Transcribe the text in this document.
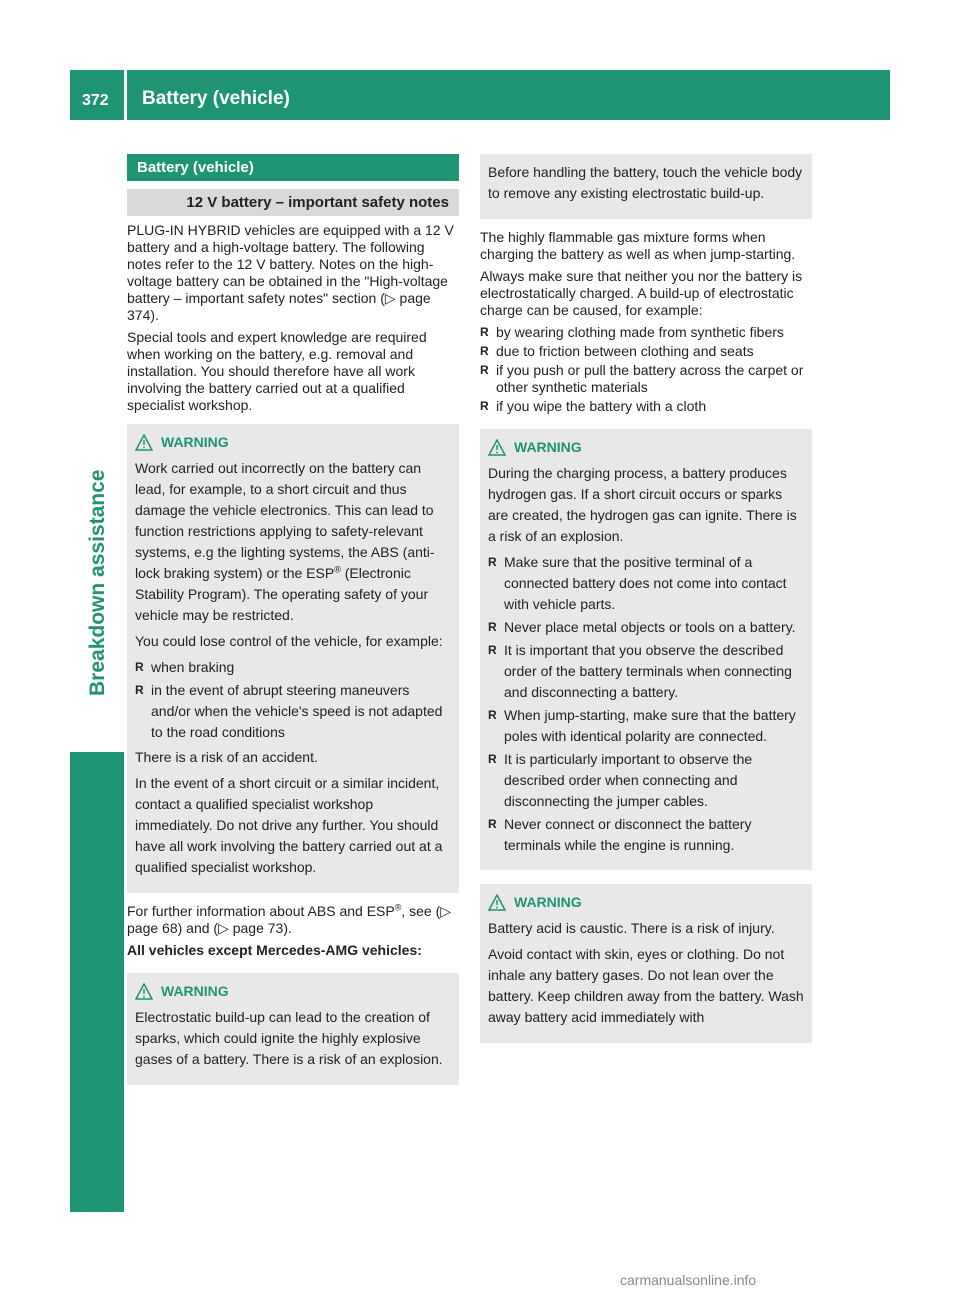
372 Battery (vehicle)
Breakdown assistance
Battery (vehicle)
12 V battery – important safety notes

PLUG-IN HYBRID vehicles are equipped with a 12 V battery and a high-voltage battery. The following notes refer to the 12 V battery. Notes on the high-voltage battery can be obtained in the "High-voltage battery – important safety notes" section (▷ page 374).

Special tools and expert knowledge are required when working on the battery, e.g. removal and installation. You should therefore have all work involving the battery carried out at a qualified specialist workshop.

WARNING

Work carried out incorrectly on the battery can lead, for example, to a short circuit and thus damage the vehicle electronics. This can lead to function restrictions applying to safety-relevant systems, e.g the lighting systems, the ABS (anti-lock braking system) or the ESP® (Electronic Stability Program). The operating safety of your vehicle may be restricted.

You could lose control of the vehicle, for example:

R when braking
R in the event of abrupt steering maneuvers and/or when the vehicle's speed is not adapted to the road conditions

There is a risk of an accident.

In the event of a short circuit or a similar incident, contact a qualified specialist workshop immediately. Do not drive any further. You should have all work involving the battery carried out at a qualified specialist workshop.

For further information about ABS and ESP®, see (▷ page 68) and (▷ page 73).

All vehicles except Mercedes-AMG vehicles:

WARNING

Electrostatic build-up can lead to the creation of sparks, which could ignite the highly explosive gases of a battery. There is a risk of an explosion.

Before handling the battery, touch the vehicle body to remove any existing electrostatic build-up.

The highly flammable gas mixture forms when charging the battery as well as when jump-starting.

Always make sure that neither you nor the battery is electrostatically charged. A build-up of electrostatic charge can be caused, for example:

R by wearing clothing made from synthetic fibers
R due to friction between clothing and seats
R if you push or pull the battery across the carpet or other synthetic materials
R if you wipe the battery with a cloth
WARNING

During the charging process, a battery produces hydrogen gas. If a short circuit occurs or sparks are created, the hydrogen gas can ignite. There is a risk of an explosion.

R Make sure that the positive terminal of a connected battery does not come into contact with vehicle parts.
R Never place metal objects or tools on a battery.
R It is important that you observe the described order of the battery terminals when connecting and disconnecting a battery.
R When jump-starting, make sure that the battery poles with identical polarity are connected.
R It is particularly important to observe the described order when connecting and disconnecting the jumper cables.
R Never connect or disconnect the battery terminals while the engine is running.
WARNING

Battery acid is caustic. There is a risk of injury.

Avoid contact with skin, eyes or clothing. Do not inhale any battery gases. Do not lean over the battery. Keep children away from the battery. Wash away battery acid immediately with

carmanualsonline.info
